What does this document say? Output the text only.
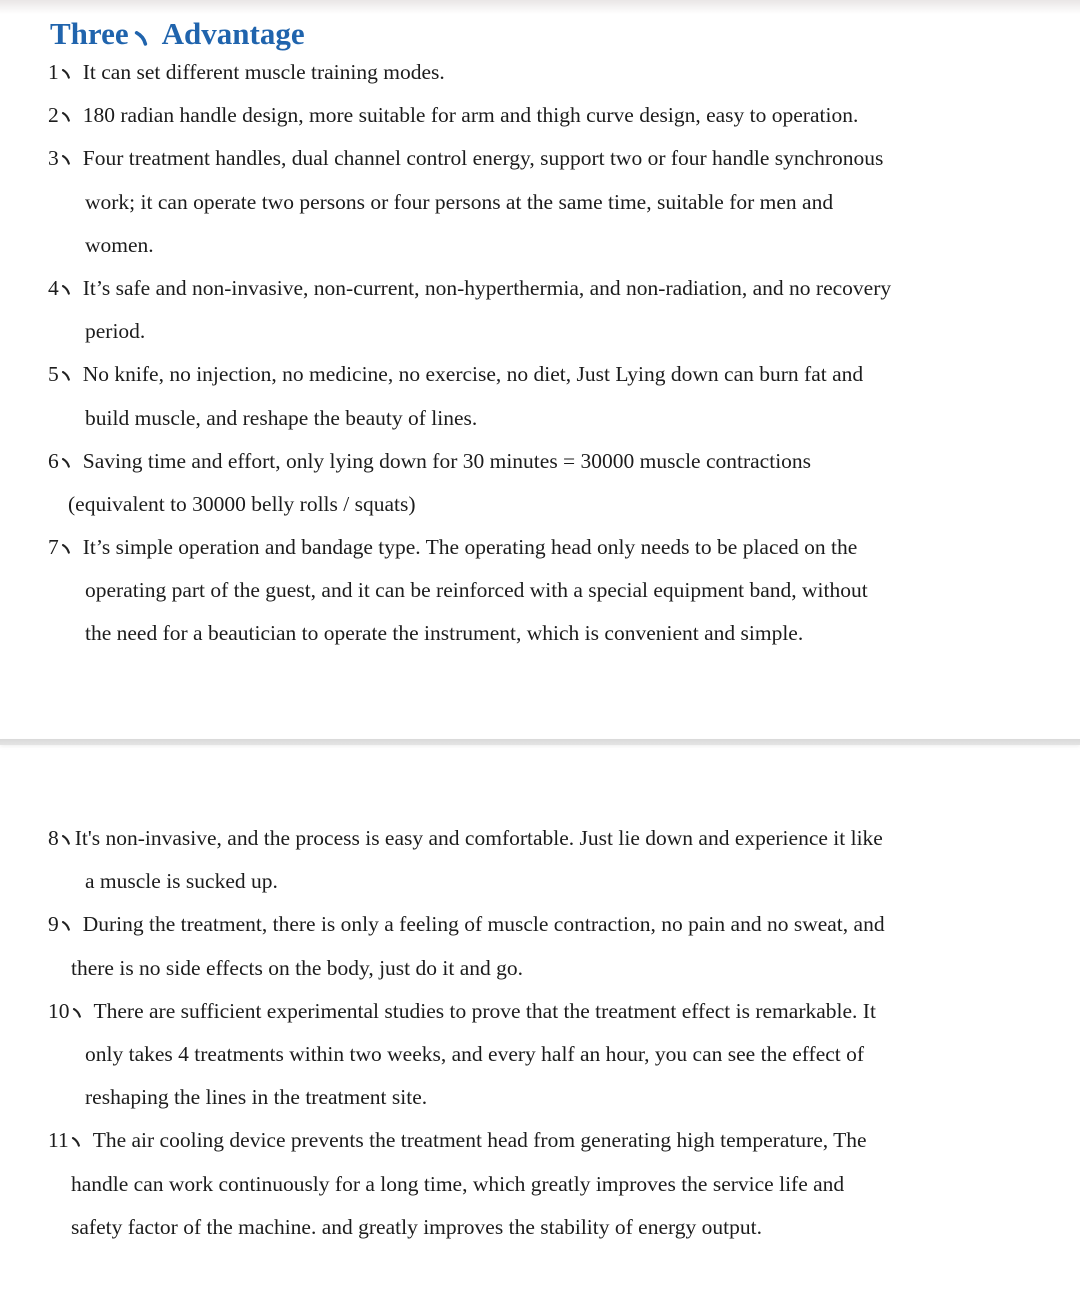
Three Advantage
1 It can set different muscle training modes.
2 180 radian handle design, more suitable for arm and thigh curve design, easy to operation.
3 Four treatment handles, dual channel control energy, support two or four handle synchronous
work; it can operate two persons or four persons at the same time, suitable for men and
women.
4 It’s safe and non-invasive, non-current, non-hyperthermia, and non-radiation, and no recovery
period.
5 No knife, no injection, no medicine, no exercise, no diet, Just Lying down can burn fat and
build muscle, and reshape the beauty of lines.
6 Saving time and effort, only lying down for 30 minutes = 30000 muscle contractions
(equivalent to 30000 belly rolls / squats)
7 It’s simple operation and bandage type. The operating head only needs to be placed on the
operating part of the guest, and it can be reinforced with a special equipment band, without
the need for a beautician to operate the instrument, which is convenient and simple.
8 It's non-invasive, and the process is easy and comfortable. Just lie down and experience it like
a muscle is sucked up.
9 During the treatment, there is only a feeling of muscle contraction, no pain and no sweat, and
there is no side effects on the body, just do it and go.
10 There are sufficient experimental studies to prove that the treatment effect is remarkable. It
only takes 4 treatments within two weeks, and every half an hour, you can see the effect of
reshaping the lines in the treatment site.
11 The air cooling device prevents the treatment head from generating high temperature, The
handle can work continuously for a long time, which greatly improves the service life and
safety factor of the machine. and greatly improves the stability of energy output.
